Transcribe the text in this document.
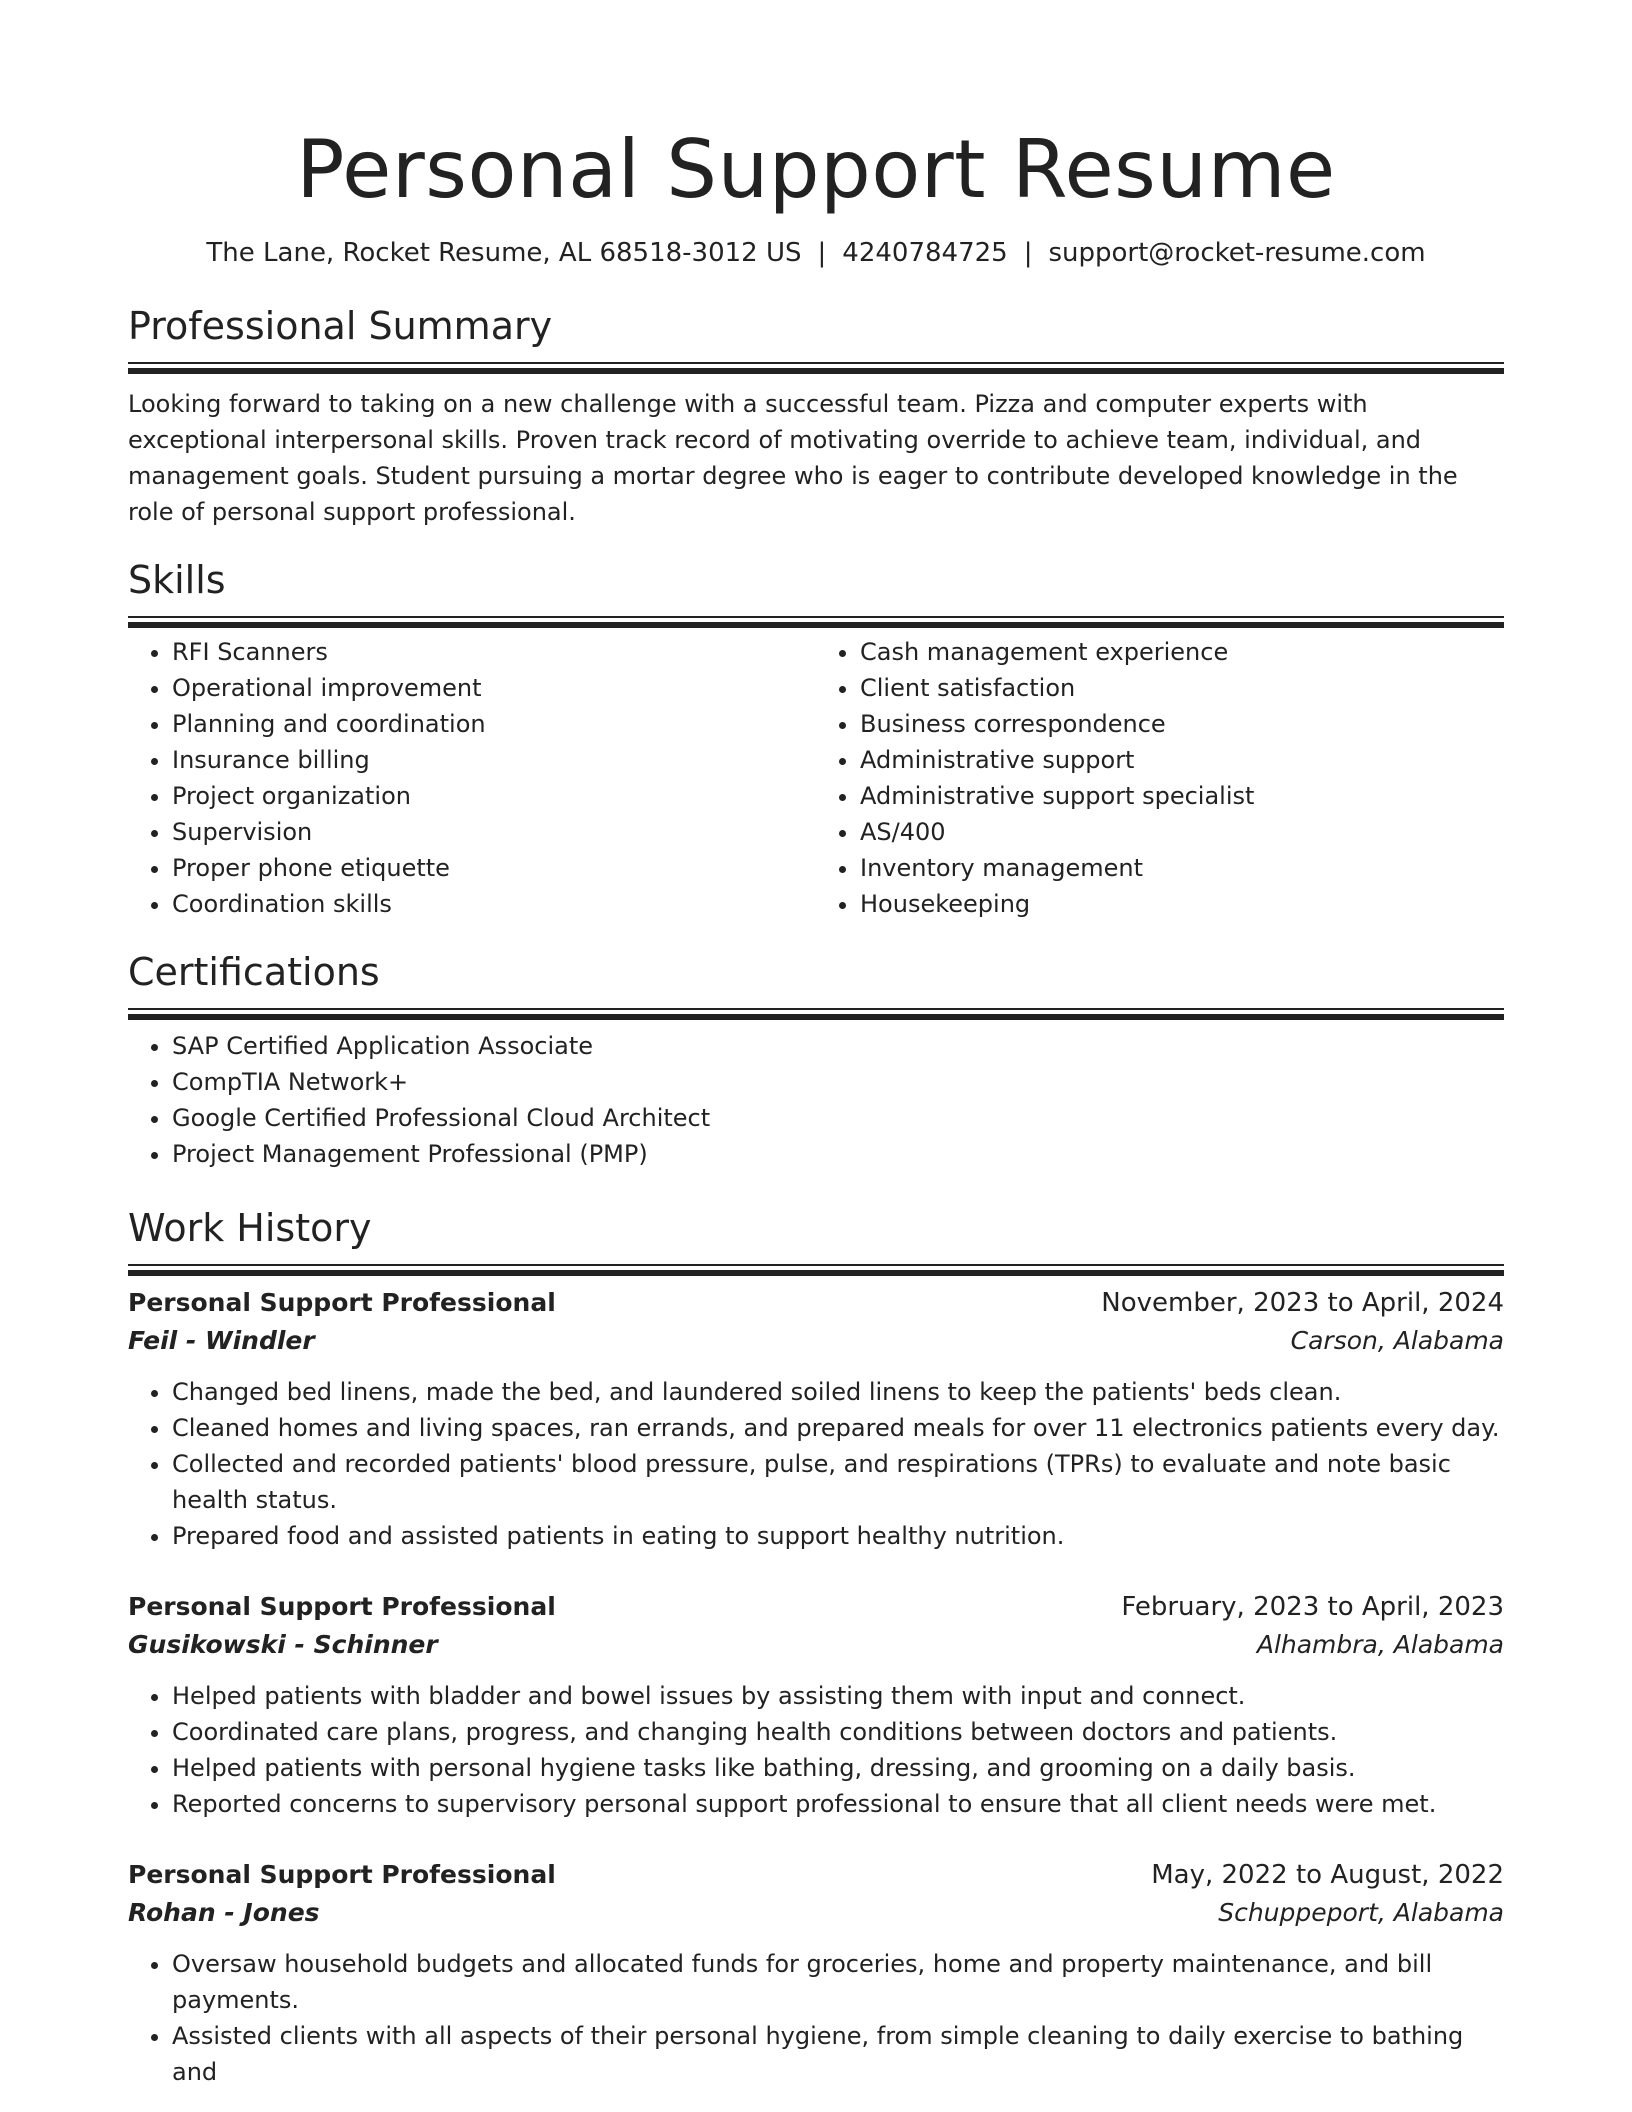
Personal Support Resume
The Lane, Rocket Resume, AL 68518-3012 US | 4240784725 | support@rocket-resume.com
Professional Summary

Looking forward to taking on a new challenge with a successful team. Pizza and computer experts with exceptional interpersonal skills. Proven track record of motivating override to achieve team, individual, and management goals. Student pursuing a mortar degree who is eager to contribute developed knowledge in the role of personal support professional.

Skills
• RFI Scanners
• Operational improvement
• Planning and coordination
• Insurance billing
• Project organization
• Supervision
• Proper phone etiquette
• Coordination skills
• Cash management experience
• Client satisfaction
• Business correspondence
• Administrative support
• Administrative support specialist
• AS/400
• Inventory management
• Housekeeping
Certifications
• SAP Certified Application Associate
• CompTIA Network+
• Google Certified Professional Cloud Architect
• Project Management Professional (PMP)
Work History
Personal Support Professional	November, 2023 to April, 2024
Feil - Windler	Carson, Alabama
• Changed bed linens, made the bed, and laundered soiled linens to keep the patients' beds clean.
• Cleaned homes and living spaces, ran errands, and prepared meals for over 11 electronics patients every day.
• Collected and recorded patients' blood pressure, pulse, and respirations (TPRs) to evaluate and note basic health status.
• Prepared food and assisted patients in eating to support healthy nutrition.
Personal Support Professional	February, 2023 to April, 2023
Gusikowski - Schinner	Alhambra, Alabama
• Helped patients with bladder and bowel issues by assisting them with input and connect.
• Coordinated care plans, progress, and changing health conditions between doctors and patients.
• Helped patients with personal hygiene tasks like bathing, dressing, and grooming on a daily basis.
• Reported concerns to supervisory personal support professional to ensure that all client needs were met.
Personal Support Professional	May, 2022 to August, 2022
Rohan - Jones	Schuppeport, Alabama
• Oversaw household budgets and allocated funds for groceries, home and property maintenance, and bill payments.
• Assisted clients with all aspects of their personal hygiene, from simple cleaning to daily exercise to bathing and
